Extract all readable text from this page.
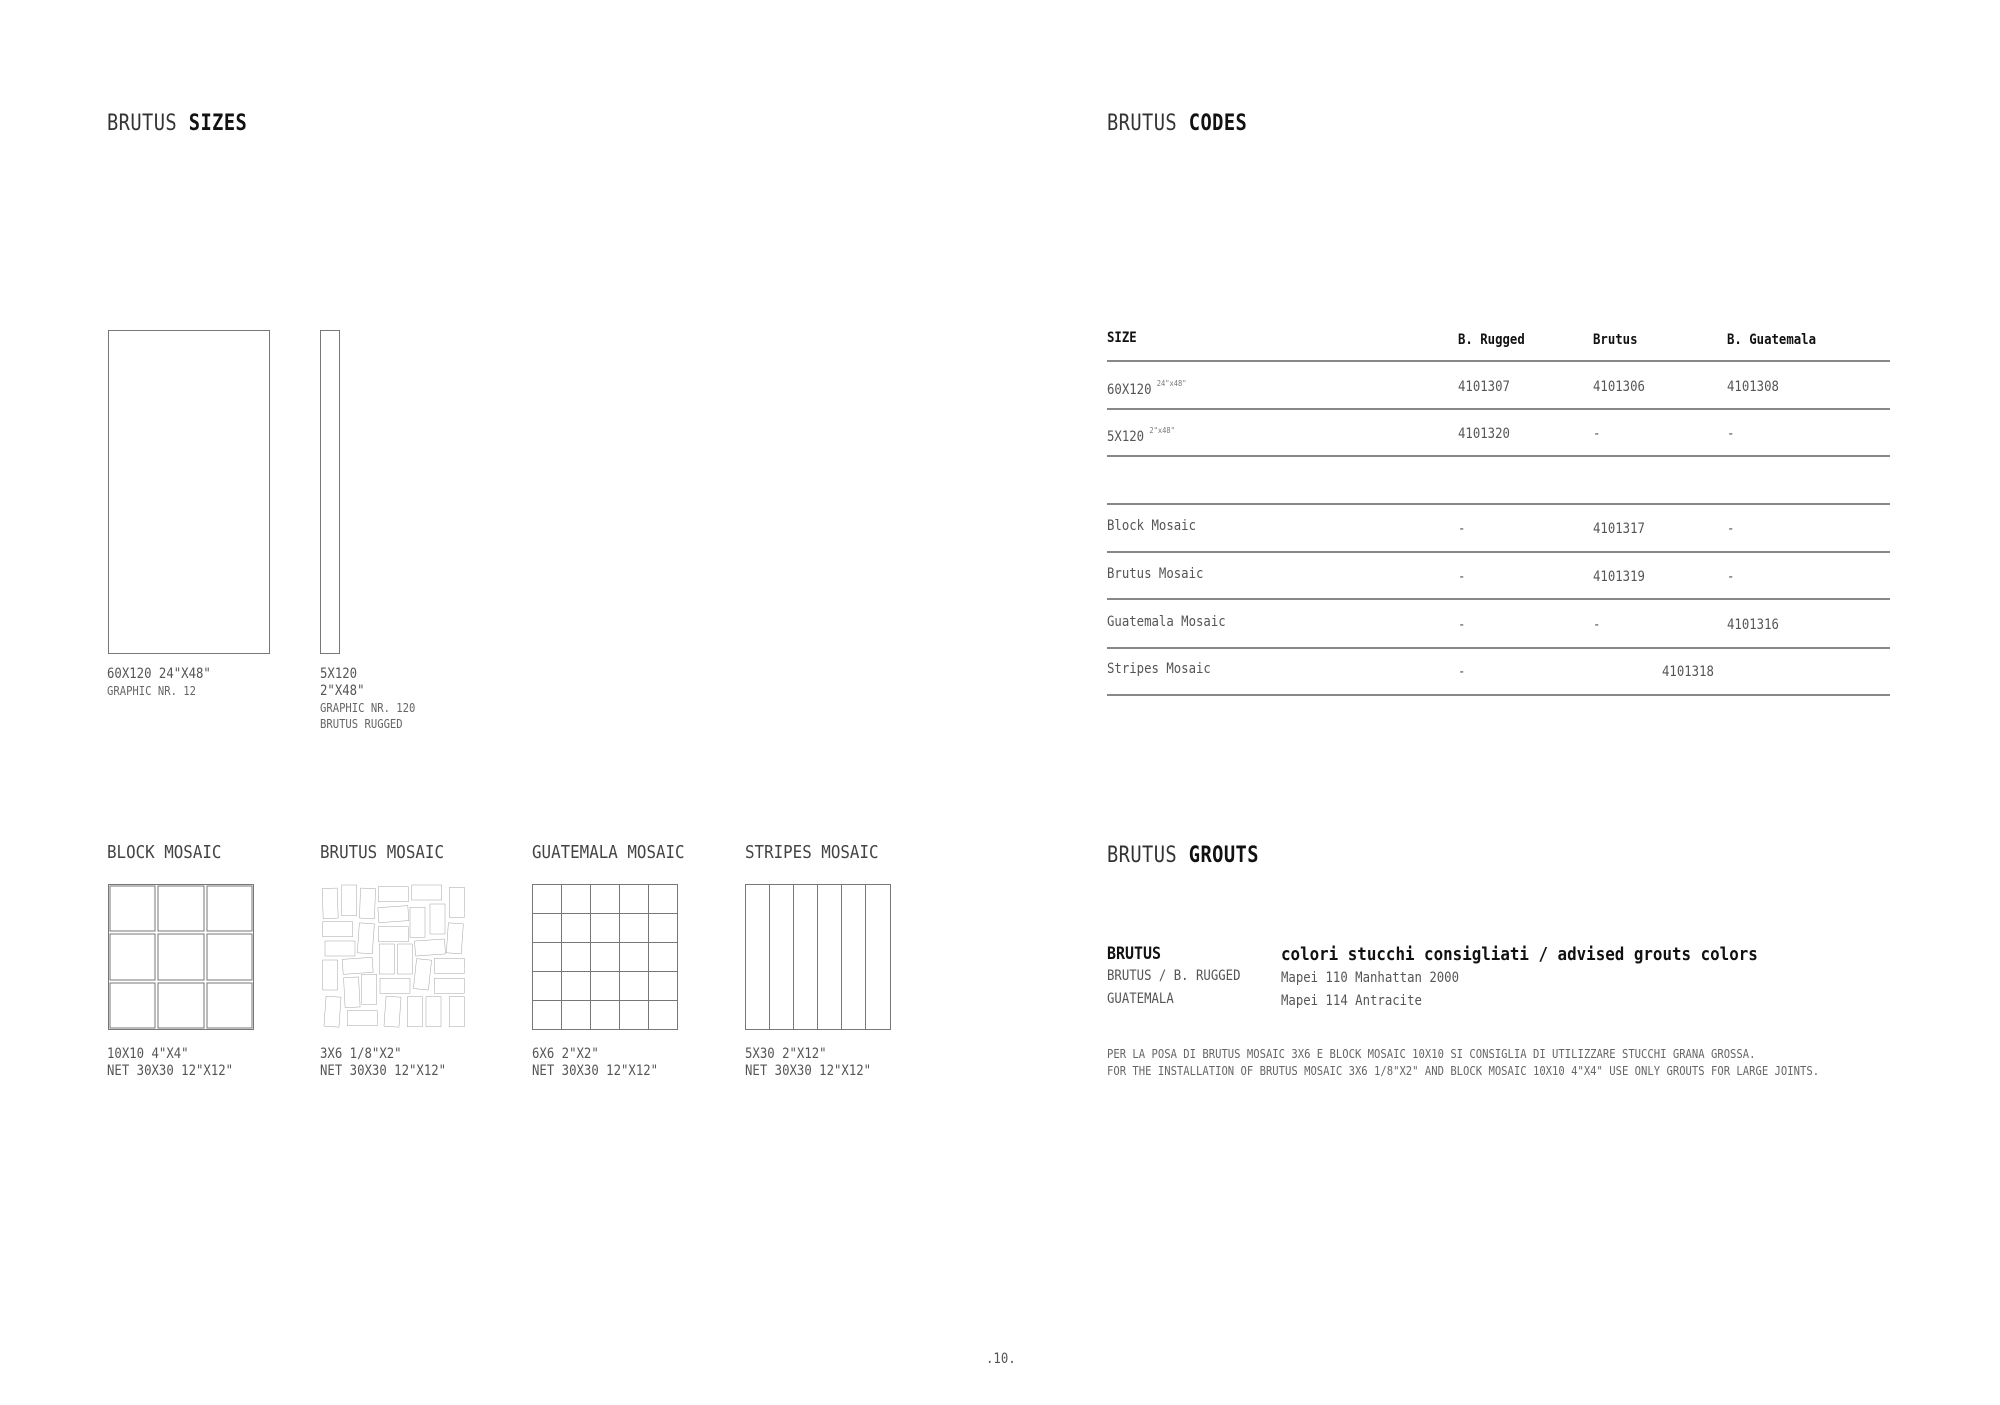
BRUTUS SIZES
60X120 24"X48"
GRAPHIC NR. 12
5X120
2"X48"
GRAPHIC NR. 120
BRUTUS RUGGED
BLOCK MOSAIC	BRUTUS MOSAIC	GUATEMALA MOSAIC	STRIPES MOSAIC
10X10 4"X4"
NET 30X30 12"X12"
3X6 1/8"X2"
NET 30X30 12"X12"
6X6 2"X2"
NET 30X30 12"X12"
5X30 2"X12"
NET 30X30 12"X12"
BRUTUS CODES
SIZE	B. Rugged	Brutus	B. Guatemala
60X120 $^{24"x48"}$	4101307	4101306	4101308
5X120 $^{2"x48"}$	4101320	-	-
Block Mosaic	-	4101317	-
Brutus Mosaic	-	4101319	-
Guatemala Mosaic	-	-	4101316
Stripes Mosaic	-	4101318
BRUTUS GROUTS
BRUTUS	colori stucchi consigliati / advised grouts colors
BRUTUS / B. RUGGED	Mapei 110 Manhattan 2000
GUATEMALA	Mapei 114 Antracite
PER LA POSA DI BRUTUS MOSAIC 3X6 E BLOCK MOSAIC 10X10 SI CONSIGLIA DI UTILIZZARE STUCCHI GRANA GROSSA.
FOR THE INSTALLATION OF BRUTUS MOSAIC 3X6 1/8"X2" AND BLOCK MOSAIC 10X10 4"X4" USE ONLY GROUTS FOR LARGE JOINTS.
.10.
